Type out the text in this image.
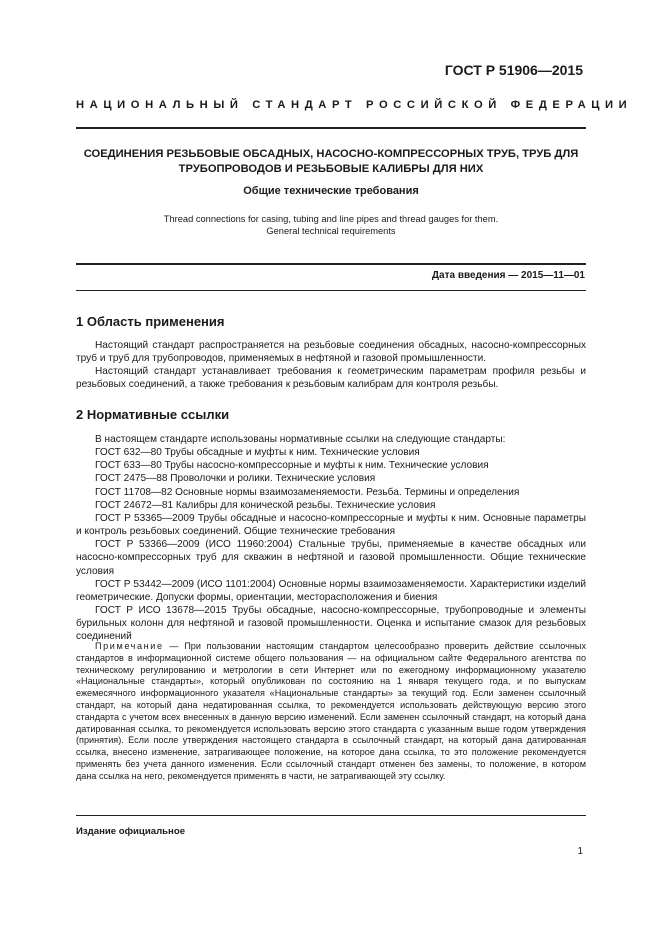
ГОСТ Р 51906—2015
НАЦИОНАЛЬНЫЙ СТАНДАРТ РОССИЙСКОЙ ФЕДЕРАЦИИ
СОЕДИНЕНИЯ РЕЗЬБОВЫЕ ОБСАДНЫХ, НАСОСНО-КОМПРЕССОРНЫХ ТРУБ, ТРУБ ДЛЯ
ТРУБОПРОВОДОВ И РЕЗЬБОВЫЕ КАЛИБРЫ ДЛЯ НИХ
Общие технические требования
Thread connections for casing, tubing and line pipes and thread gauges for them.
General technical requirements
Дата введения — 2015—11—01
1 Область применения

Настоящий стандарт распространяется на резьбовые соединения обсадных, насосно-компрессорных труб и труб для трубопроводов, применяемых в нефтяной и газовой промышленности.

Настоящий стандарт устанавливает требования к геометрическим параметрам профиля резьбы и резьбовых соединений, а также требования к резьбовым калибрам для контроля резьбы.

2 Нормативные ссылки

В настоящем стандарте использованы нормативные ссылки на следующие стандарты:

ГОСТ 632—80 Трубы обсадные и муфты к ним. Технические условия

ГОСТ 633—80 Трубы насосно-компрессорные и муфты к ним. Технические условия

ГОСТ 2475—88 Проволочки и ролики. Технические условия

ГОСТ 11708—82 Основные нормы взаимозаменяемости. Резьба. Термины и определения

ГОСТ 24672—81 Калибры для конической резьбы. Технические условия

ГОСТ Р 53365—2009 Трубы обсадные и насосно-компрессорные и муфты к ним. Основные параметры и контроль резьбовых соединений. Общие технические требования

ГОСТ Р 53366—2009 (ИСО 11960:2004) Стальные трубы, применяемые в качестве обсадных или насосно-компрессорных труб для скважин в нефтяной и газовой промышленности. Общие технические условия

ГОСТ Р 53442—2009 (ИСО 1101:2004) Основные нормы взаимозаменяемости. Характеристики изделий геометрические. Допуски формы, ориентации, месторасположения и биения

ГОСТ Р ИСО 13678—2015 Трубы обсадные, насосно-компрессорные, трубопроводные и элементы бурильных колонн для нефтяной и газовой промышленности. Оценка и испытание смазок для резьбовых соединений

Примечание — При пользовании настоящим стандартом целесообразно проверить действие ссылочных стандартов в информационной системе общего пользования — на официальном сайте Федерального агентства по техническому регулированию и метрологии в сети Интернет или по ежегодному информационному указателю «Национальные стандарты», который опубликован по состоянию на 1 января текущего года, и по выпускам ежемесячного информационного указателя «Национальные стандарты» за текущий год. Если заменен ссылочный стандарт, на который дана недатированная ссылка, то рекомендуется использовать действующую версию этого стандарта с учетом всех внесенных в данную версию изменений. Если заменен ссылочный стандарт, на который дана датированная ссылка, то рекомендуется использовать версию этого стандарта с указанным выше годом утверждения (принятия). Если после утверждения настоящего стандарта в ссылочный стандарт, на который дана датированная ссылка, внесено изменение, затрагивающее положение, на которое дана ссылка, то это положение рекомендуется применять без учета данного изменения. Если ссылочный стандарт отменен без замены, то положение, в котором дана ссылка на него, рекомендуется применять в части, не затрагивающей эту ссылку.
Издание официальное
1
